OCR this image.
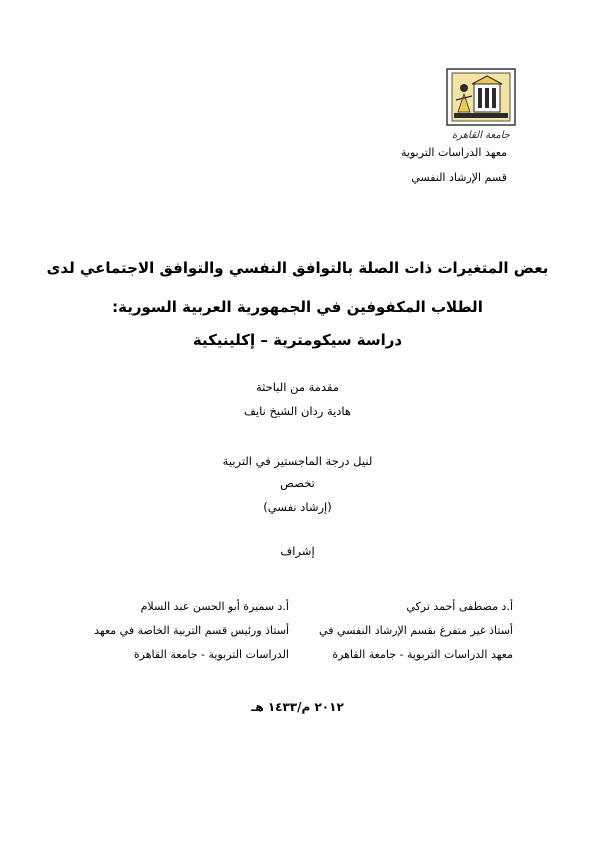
جامعة القاهرة
معهد الدراسات التربوية
قسم الإرشاد النفسي
بعض المتغيرات ذات الصلة بالتوافق النفسي والتوافق الاجتماعي لدى
الطلاب المكفوفين في الجمهورية العربية السورية:
دراسة سيكومترية – إكلينيكية
مقدمة من الباحثة
هادية ردان الشيخ نايف
لنيل درجة الماجستير في التربية
تخصص
(إرشاد نفسي)
إشراف
أ.د مصطفى أحمد تركي
أستاذ غير متفرغ بقسم الإرشاد النفسي في
معهد الدراسات التربوية - جامعة القاهرة
أ.د سميرة أبو الحسن عبد السلام
أستاذ ورئيس قسم التربية الخاصة في معهد
الدراسات التربوية - جامعة القاهرة
٢٠١٢ م/١٤٣٣ هـ
